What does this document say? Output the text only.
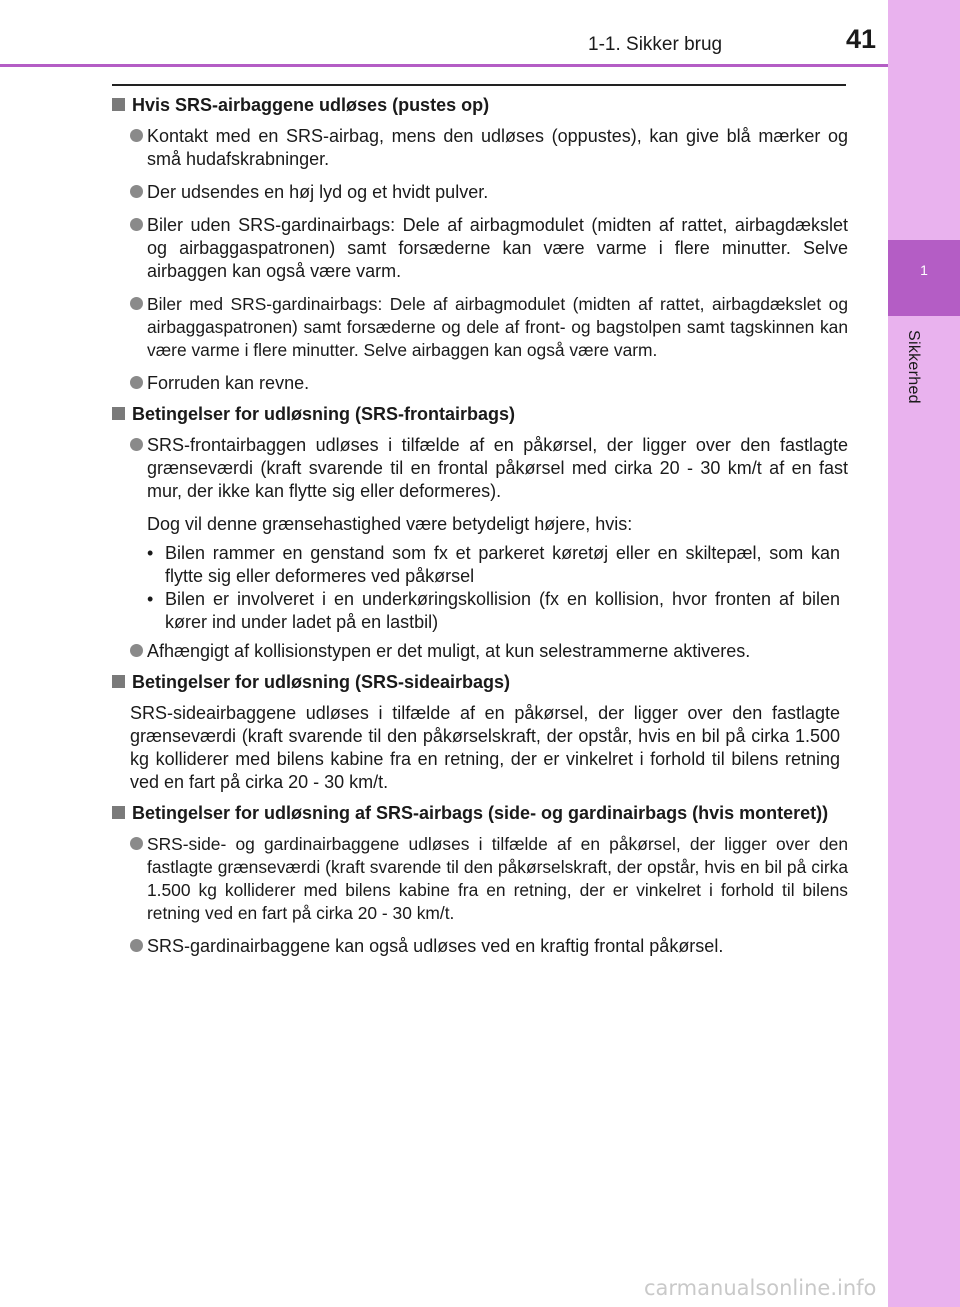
1
Sikkerhed
1-1. Sikker brug	41
Hvis SRS-airbaggene udløses (pustes op)
Kontakt med en SRS-airbag, mens den udløses (oppustes), kan give blå mærker og små hudafskrabninger.
Der udsendes en høj lyd og et hvidt pulver.
Biler uden SRS-gardinairbags: Dele af airbagmodulet (midten af rattet, airbagdækslet og airbaggaspatronen) samt forsæderne kan være varme i flere minutter. Selve airbaggen kan også være varm.
Biler med SRS-gardinairbags: Dele af airbagmodulet (midten af rattet, airbagdækslet og airbaggaspatronen) samt forsæderne og dele af front- og bagstolpen samt tagskinnen kan være varme i flere minutter. Selve airbaggen kan også være varm.
Forruden kan revne.
Betingelser for udløsning (SRS-frontairbags)
SRS-frontairbaggen udløses i tilfælde af en påkørsel, der ligger over den fastlagte grænseværdi (kraft svarende til en frontal påkørsel med cirka 20 - 30 km/t af en fast mur, der ikke kan flytte sig eller deformeres).
Dog vil denne grænsehastighed være betydeligt højere, hvis:
• Bilen rammer en genstand som fx et parkeret køretøj eller en skiltepæl, som kan flytte sig eller deformeres ved påkørsel
• Bilen er involveret i en underkøringskollision (fx en kollision, hvor fronten af bilen kører ind under ladet på en lastbil)
Afhængigt af kollisionstypen er det muligt, at kun selestrammerne aktiveres.
Betingelser for udløsning (SRS-sideairbags)
SRS-sideairbaggene udløses i tilfælde af en påkørsel, der ligger over den fastlagte grænseværdi (kraft svarende til den påkørselskraft, der opstår, hvis en bil på cirka 1.500 kg kolliderer med bilens kabine fra en retning, der er vinkelret i forhold til bilens retning ved en fart på cirka 20 - 30 km/t.
Betingelser for udløsning af SRS-airbags (side- og gardinairbags (hvis monteret))
SRS-side- og gardinairbaggene udløses i tilfælde af en påkørsel, der ligger over den fastlagte grænseværdi (kraft svarende til den påkørselskraft, der opstår, hvis en bil på cirka 1.500 kg kolliderer med bilens kabine fra en retning, der er vinkelret i forhold til bilens retning ved en fart på cirka 20 - 30 km/t.
SRS-gardinairbaggene kan også udløses ved en kraftig frontal påkørsel.
carmanualsonline.info
